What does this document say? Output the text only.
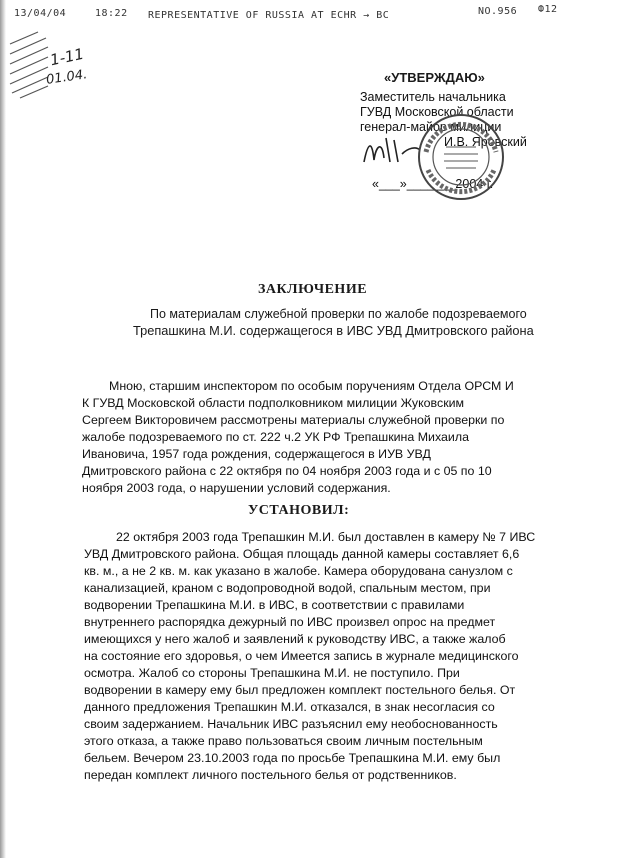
13/04/04	18:22 REPRESENTATIVE OF RUSSIA AT ECHR → BC	NO.956 Ф12
1-11
01.04.	«УТВЕРЖДАЮ»
Заместитель начальника
ГУВД Московской области
генерал-майор милиции
И.В. Яровский
«___»_______2004 г.
ЗАКЛЮЧЕНИЕ
По материалам служебной проверки по жалобе подозреваемого
Трепашкина М.И. содержащегося в ИВС УВД Дмитровского района
Мною, старшим инспектором по особым поручениям Отдела ОРСМ И
К ГУВД Московской области подполковником милиции Жуковским
Сергеем Викторовичем рассмотрены материалы служебной проверки по
жалобе подозреваемого по ст. 222 ч.2 УК РФ Трепашкина Михаила
Ивановича, 1957 года рождения, содержащегося в ИУВ УВД
Дмитровского района с 22 октября по 04 ноября 2003 года и с 05 по 10
ноября 2003 года, о нарушении условий содержания.
УСТАНОВИЛ:
22 октября 2003 года Трепашкин М.И. был доставлен в камеру № 7 ИВС
УВД Дмитровского района. Общая площадь данной камеры составляет 6,6
кв. м., а не 2 кв. м. как указано в жалобе. Камера оборудована санузлом с
канализацией, краном с водопроводной водой, спальным местом, при
водворении Трепашкина М.И. в ИВС, в соответствии с правилами
внутреннего распорядка дежурный по ИВС произвел опрос на предмет
имеющихся у него жалоб и заявлений к руководству ИВС, а также жалоб
на состояние его здоровья, о чем Имеется запись в журнале медицинского
осмотра. Жалоб со стороны Трепашкина М.И. не поступило. При
водворении в камеру ему был предложен комплект постельного белья. От
данного предложения Трепашкин М.И. отказался, в знак несогласия со
своим задержанием. Начальник ИВС разъяснил ему необоснованность
этого отказа, а также право пользоваться своим личным постельным
бельем. Вечером 23.10.2003 года по просьбе Трепашкина М.И. ему был
передан комплект личного постельного белья от родственников.
